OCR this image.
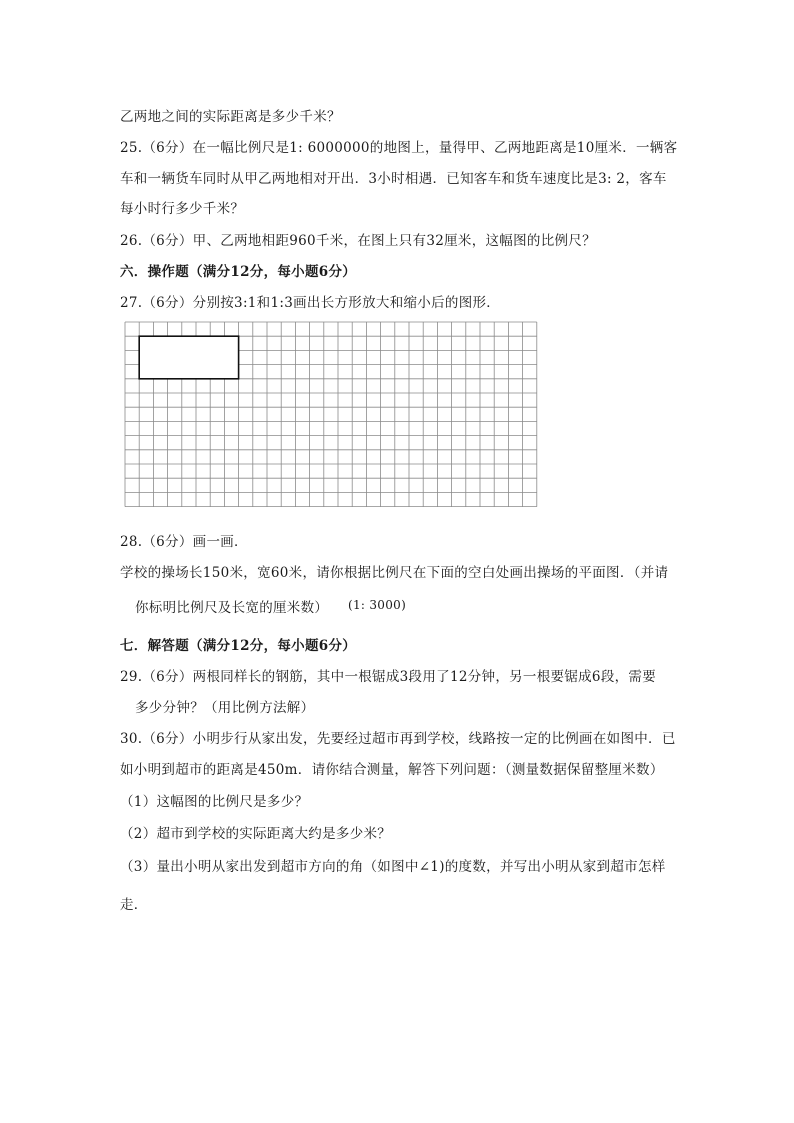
乙两地之间的实际距离是多少千米？
25.（6分）在一幅比例尺是1: 6000000的地图上，量得甲、乙两地距离是10厘米．一辆客
车和一辆货车同时从甲乙两地相对开出．3小时相遇．已知客车和货车速度比是3: 2，客车
每小时行多少千米？
26.（6分）甲、乙两地相距960千米，在图上只有32厘米，这幅图的比例尺？
六．操作题（满分12分，每小题6分）
27.（6分）分别按3:1和1:3画出长方形放大和缩小后的图形．
28.（6分）画一画．
学校的操场长150米，宽60米，请你根据比例尺在下面的空白处画出操场的平面图．（并请
你标明比例尺及长宽的厘米数） (1: 3000)
七．解答题（满分12分，每小题6分）
29.（6分）两根同样长的钢筋，其中一根锯成3段用了12分钟，另一根要锯成6段，需要
多少分钟？（用比例方法解）
30.（6分）小明步行从家出发，先要经过超市再到学校，线路按一定的比例画在如图中．已
如小明到超市的距离是450m．请你结合测量，解答下列问题：（测量数据保留整厘米数）
（1）这幅图的比例尺是多少？
（2）超市到学校的实际距离大约是多少米？
（3）量出小明从家出发到超市方向的角（如图中∠1)的度数，并写出小明从家到超市怎样
走．
